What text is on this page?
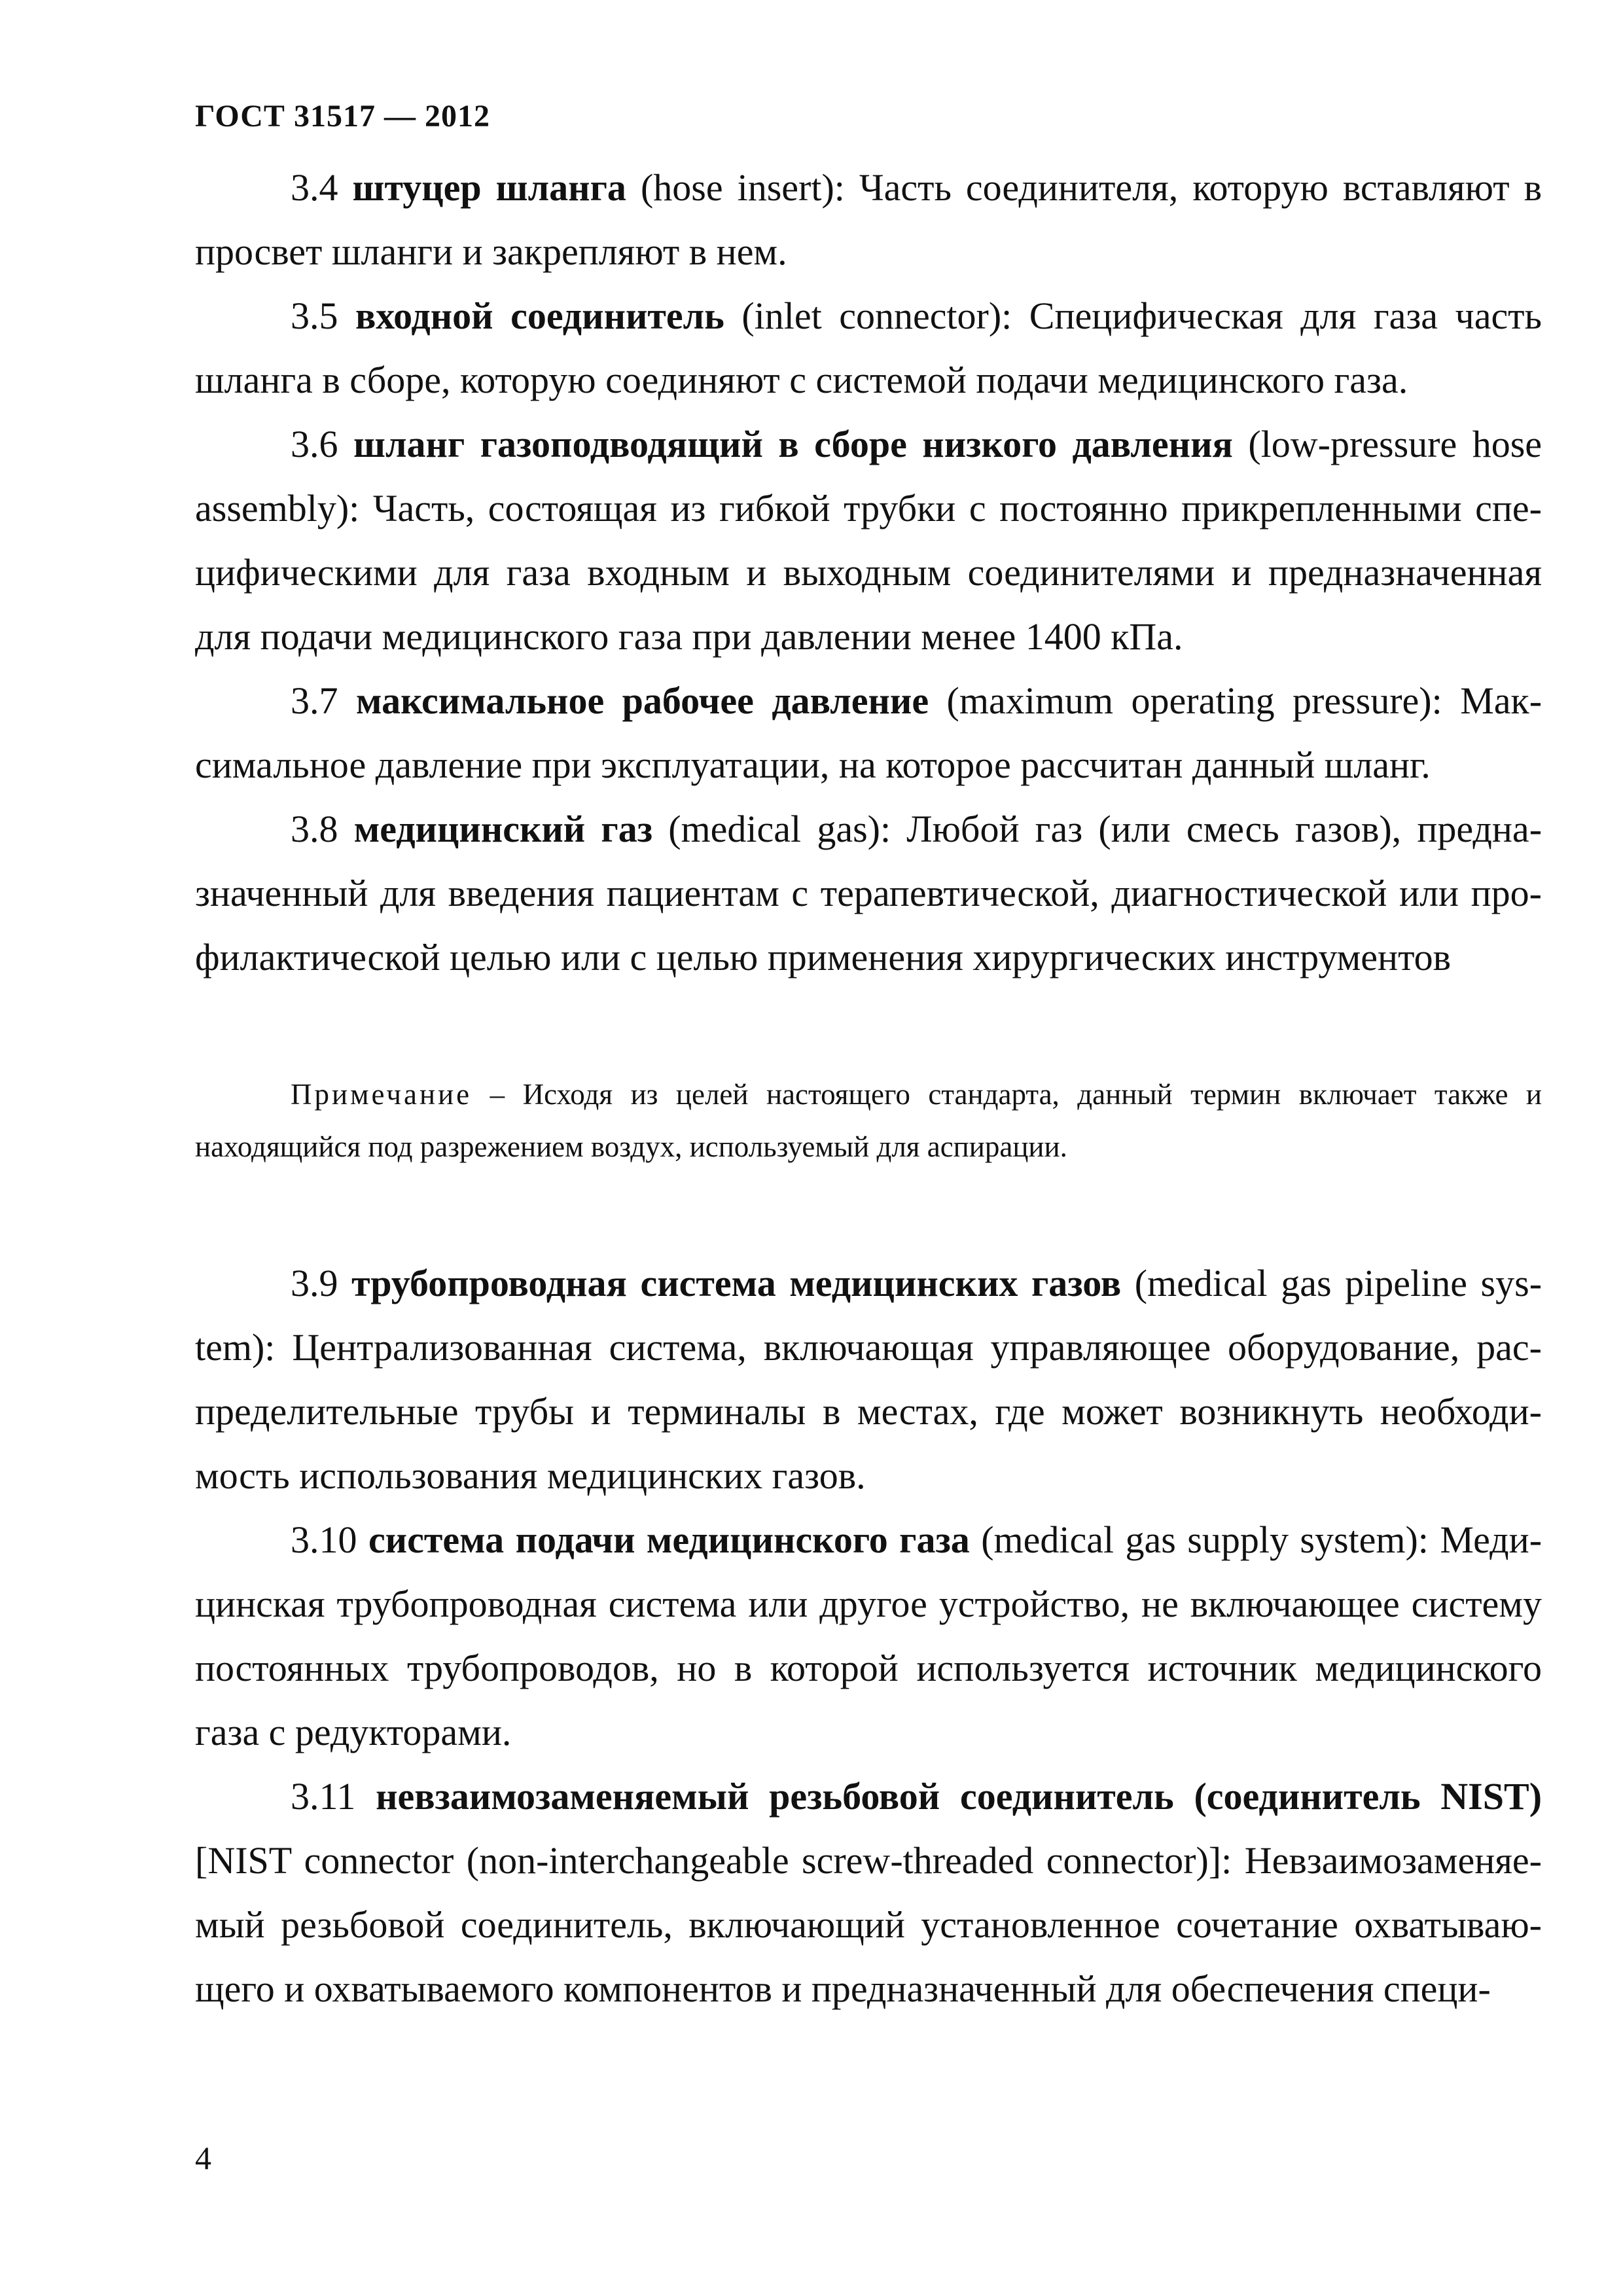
ГОСТ 31517 — 2012

3.4 штуцер шланга (hose insert): Часть соединителя, которую вставляют в просвет шланги и закрепляют в нем.

3.5 входной соединитель (inlet connector): Специфическая для газа часть шланга в сборе, которую соединяют с системой подачи медицинского газа.

3.6 шланг газоподводящий в сборе низкого давления (low-pressure hose assembly): Часть, состоящая из гибкой трубки с постоянно прикрепленными специфическими для газа входным и выходным соединителями и предназначенная для подачи медицинского газа при давлении менее 1400 кПа.

3.7 максимальное рабочее давление (maximum operating pressure): Максимальное давление при эксплуатации, на которое рассчитан данный шланг.

3.8 медицинский газ (medical gas): Любой газ (или смесь газов), предназначенный для введения пациентам с терапевтической, диагностической или профилактической целью или с целью применения хирургических инструментов

Примечание – Исходя из целей настоящего стандарта, данный термин включает также и находящийся под разрежением воздух, используемый для аспирации.

3.9 трубопроводная система медицинских газов (medical gas pipeline system): Централизованная система, включающая управляющее оборудование, распределительные трубы и терминалы в местах, где может возникнуть необходимость использования медицинских газов.

3.10 система подачи медицинского газа (medical gas supply system): Медицинская трубопроводная система или другое устройство, не включающее систему постоянных трубопроводов, но в которой используется источник медицинского газа с редукторами.

3.11 невзаимозаменяемый резьбовой соединитель (соединитель NIST) [NIST connector (non-interchangeable screw-threaded connector)]: Невзаимозаменяемый резьбовой соединитель, включающий установленное сочетание охватывающего и охватываемого компонентов и предназначенный для обеспечения специ-

4
